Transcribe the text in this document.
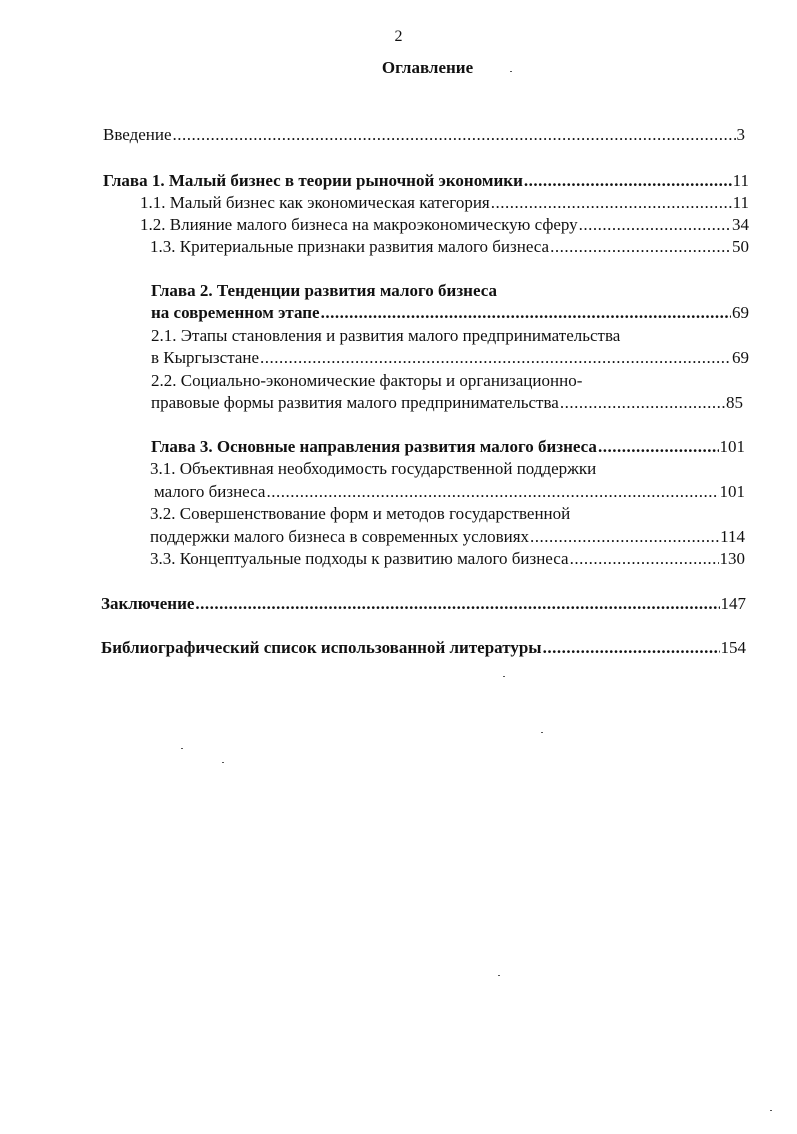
2
Оглавление
Введение .....	3
Глава 1. Малый бизнес в теории рыночной экономики .....	11
1.1. Малый бизнес как экономическая категория .....	11
1.2. Влияние малого бизнеса на макроэкономическую сферу .....	34
1.3. Критериальные признаки развития малого бизнеса .....	50
Глава 2. Тенденции развития малого бизнеса
на современном этапе .....	69
2.1. Этапы становления и развития малого предпринимательства
в Кыргызстане .....	69
2.2. Социально-экономические факторы и организационно-
правовые формы развития малого предпринимательства .....	85
Глава 3. Основные направления развития малого бизнеса .....	101
3.1. Объективная необходимость государственной поддержки
малого бизнеса .....	101
3.2. Совершенствование форм и методов государственной
поддержки малого бизнеса в современных условиях .....	114
3.3. Концептуальные подходы к развитию малого бизнеса .....	130
Заключение .....	147
Библиографический список использованной литературы .....	154
